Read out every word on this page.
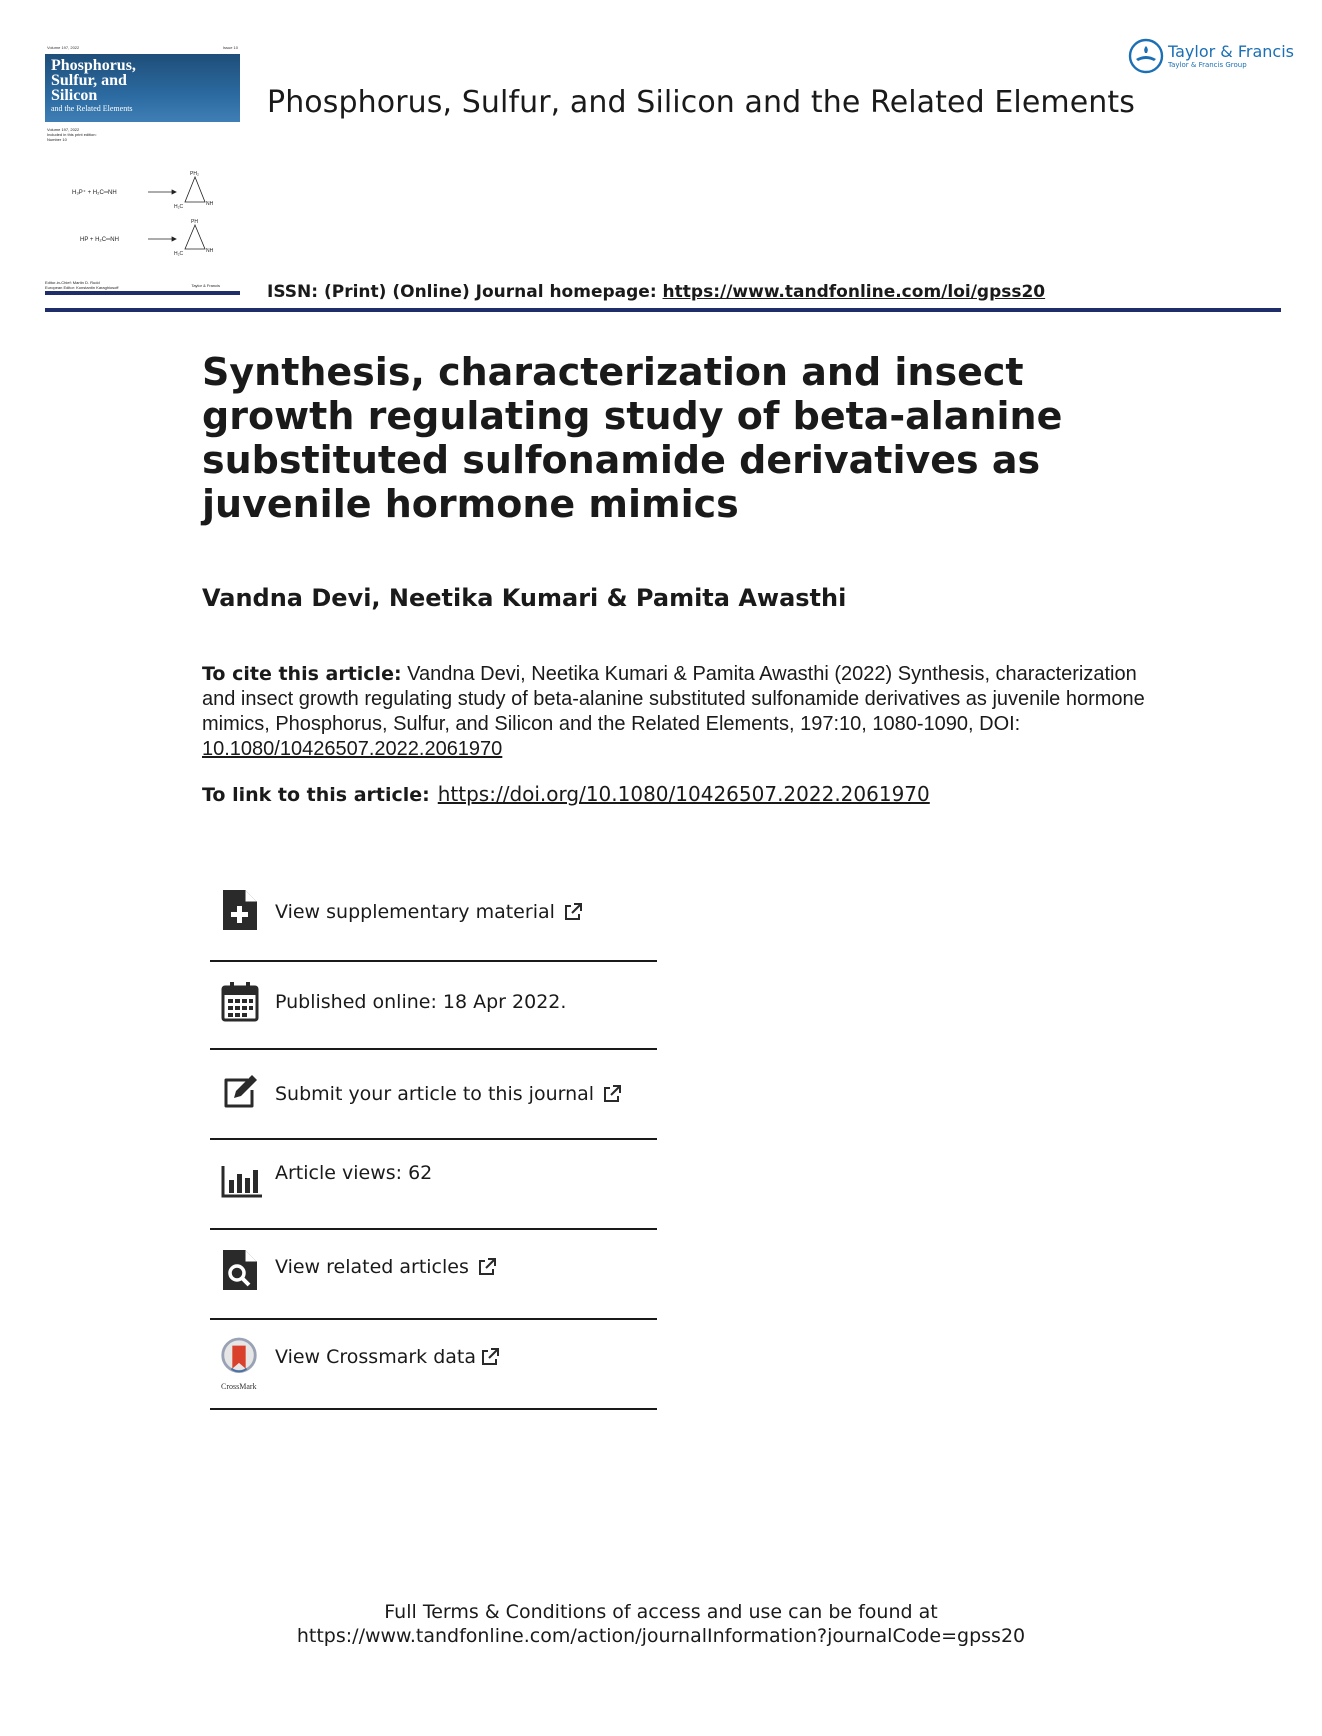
Volume 197, 2022	Issue 10
Phosphorus,
Sulfur, and
Silicon
and the Related Elements
Volume 197, 2022
Included in this print edition:
Number 10
H₃P⁺ + H₂C═NH
PH₂
H₂C	NH
HP + H₂C═NH
PH
H₂C	NH
Editor-in-Chief: Martin D. Rudd
European Editor: Konstantin Karaghiosoff	Taylor & Francis
Phosphorus, Sulfur, and Silicon and the Related Elements
Taylor & Francis
Taylor & Francis Group
ISSN: (Print) (Online) Journal homepage: https://www.tandfonline.com/loi/gpss20
Synthesis, characterization and insect growth regulating study of beta-alanine substituted sulfonamide derivatives as juvenile hormone mimics
Vandna Devi, Neetika Kumari & Pamita Awasthi
To cite this article: Vandna Devi, Neetika Kumari & Pamita Awasthi (2022) Synthesis, characterization and insect growth regulating study of beta-alanine substituted sulfonamide derivatives as juvenile hormone mimics, Phosphorus, Sulfur, and Silicon and the Related Elements, 197:10, 1080-1090, DOI: 10.1080/10426507.2022.2061970
To link to this article: https://doi.org/10.1080/10426507.2022.2061970
View supplementary material
Published online: 18 Apr 2022.
Submit your article to this journal
Article views: 62
View related articles
CrossMark
View Crossmark data
Full Terms & Conditions of access and use can be found at
https://www.tandfonline.com/action/journalInformation?journalCode=gpss20
